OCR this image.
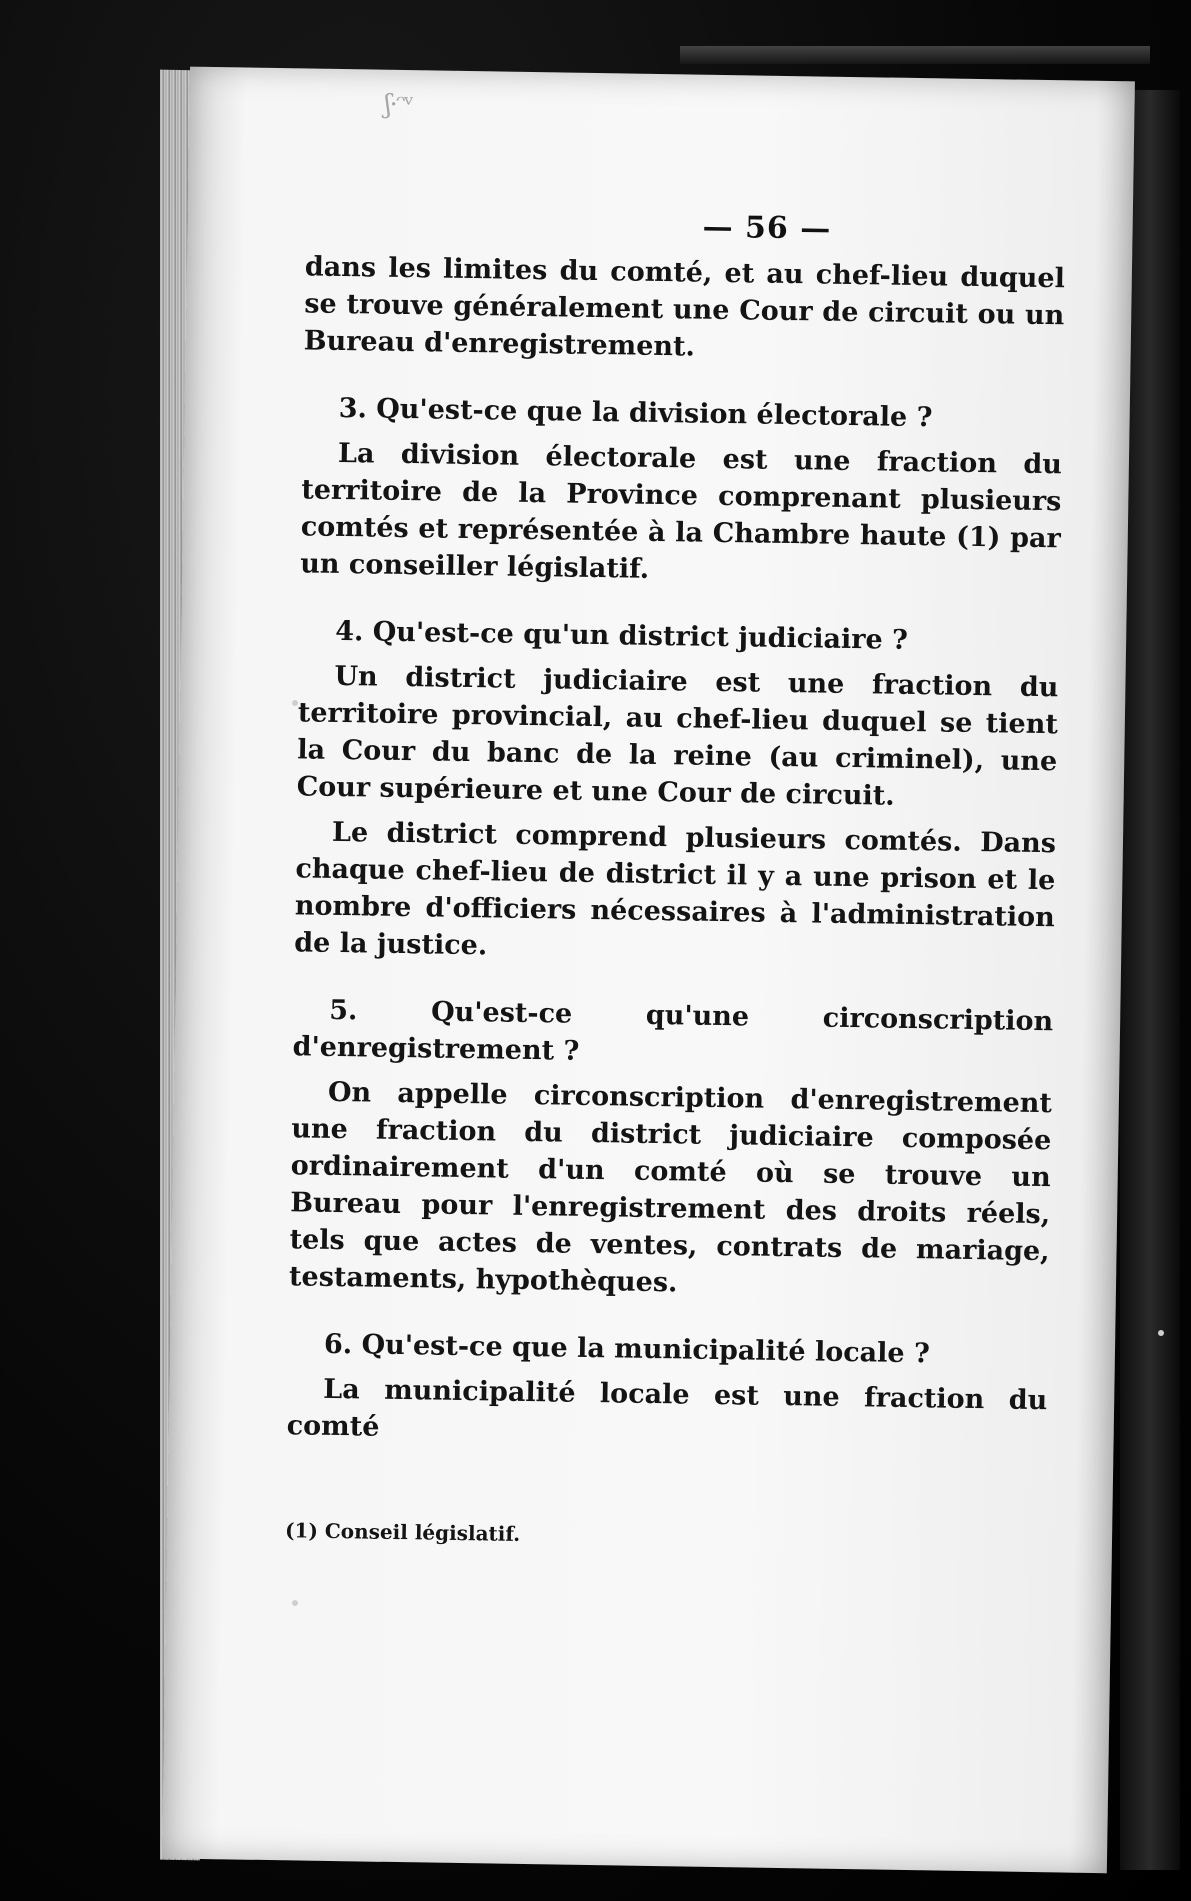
ʃ·ᵔᵛ
— 56 —

dans les limites du comté, et au chef-lieu duquel se trouve généralement une Cour de circuit ou un Bureau d'enregistrement.

3. Qu'est-ce que la division électorale ?

La division électorale est une fraction du territoire de la Province comprenant plusieurs comtés et représentée à la Chambre haute (1) par un conseiller législatif.

4. Qu'est-ce qu'un district judiciaire ?

Un district judiciaire est une fraction du territoire provincial, au chef-lieu duquel se tient la Cour du banc de la reine (au criminel), une Cour supérieure et une Cour de circuit.

Le district comprend plusieurs comtés. Dans chaque chef-lieu de district il y a une prison et le nombre d'officiers nécessaires à l'administration de la justice.

5. Qu'est-ce qu'une circonscription d'enregistrement ?

On appelle circonscription d'enregistrement une fraction du district judiciaire composée ordinairement d'un comté où se trouve un Bureau pour l'enregistrement des droits réels, tels que actes de ventes, contrats de mariage, testaments, hypothèques.

6. Qu'est-ce que la municipalité locale ?

La municipalité locale est une fraction du comté

(1) Conseil législatif.
